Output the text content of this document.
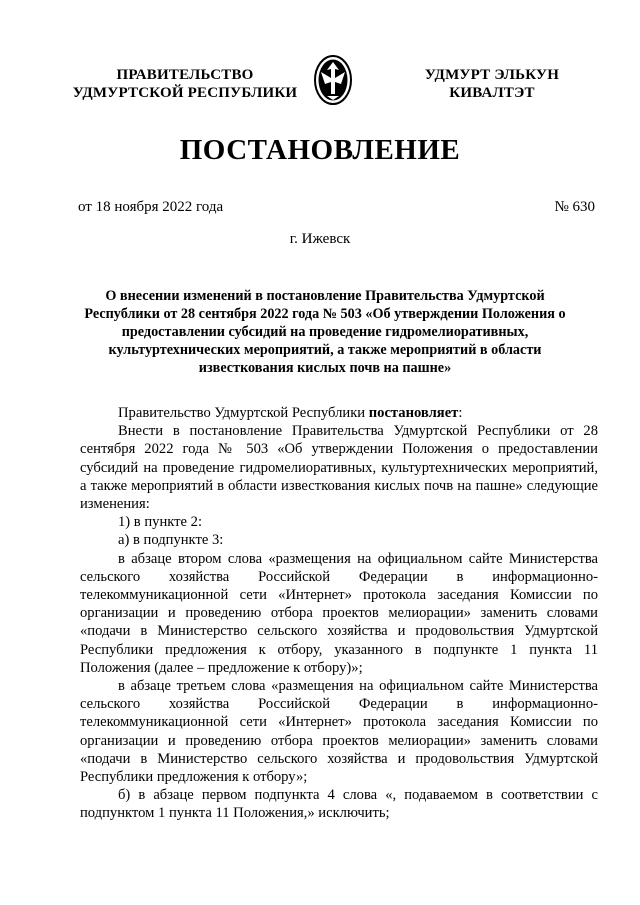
ПРАВИТЕЛЬСТВО
УДМУРТСКОЙ РЕСПУБЛИКИ
УДМУРТ ЭЛЬКУН
КИВАЛТЭТ
ПОСТАНОВЛЕНИЕ
от 18 ноября 2022 года	№ 630
г. Ижевск
О внесении изменений в постановление Правительства Удмуртской Республики от 28 сентября 2022 года № 503 «Об утверждении Положения о предоставлении субсидий на проведение гидромелиоративных, культуртехнических мероприятий, а также мероприятий в области известкования кислых почв на пашне»

Правительство Удмуртской Республики постановляет:

Внести в постановление Правительства Удмуртской Республики от 28 сентября 2022 года № 503 «Об утверждении Положения о предоставлении субсидий на проведение гидромелиоративных, культуртехнических мероприятий, а также мероприятий в области известкования кислых почв на пашне» следующие изменения:

1) в пункте 2:

а) в подпункте 3:

в абзаце втором слова «размещения на официальном сайте Министерства сельского хозяйства Российской Федерации в информационно-телекоммуникационной сети «Интернет» протокола заседания Комиссии по организации и проведению отбора проектов мелиорации» заменить словами «подачи в Министерство сельского хозяйства и продовольствия Удмуртской Республики предложения к отбору, указанного в подпункте 1 пункта 11 Положения (далее – предложение к отбору)»;

в абзаце третьем слова «размещения на официальном сайте Министерства сельского хозяйства Российской Федерации в информационно-телекоммуникационной сети «Интернет» протокола заседания Комиссии по организации и проведению отбора проектов мелиорации» заменить словами «подачи в Министерство сельского хозяйства и продовольствия Удмуртской Республики предложения к отбору»;

б) в абзаце первом подпункта 4 слова «, подаваемом в соответствии с подпунктом 1 пункта 11 Положения,» исключить;
